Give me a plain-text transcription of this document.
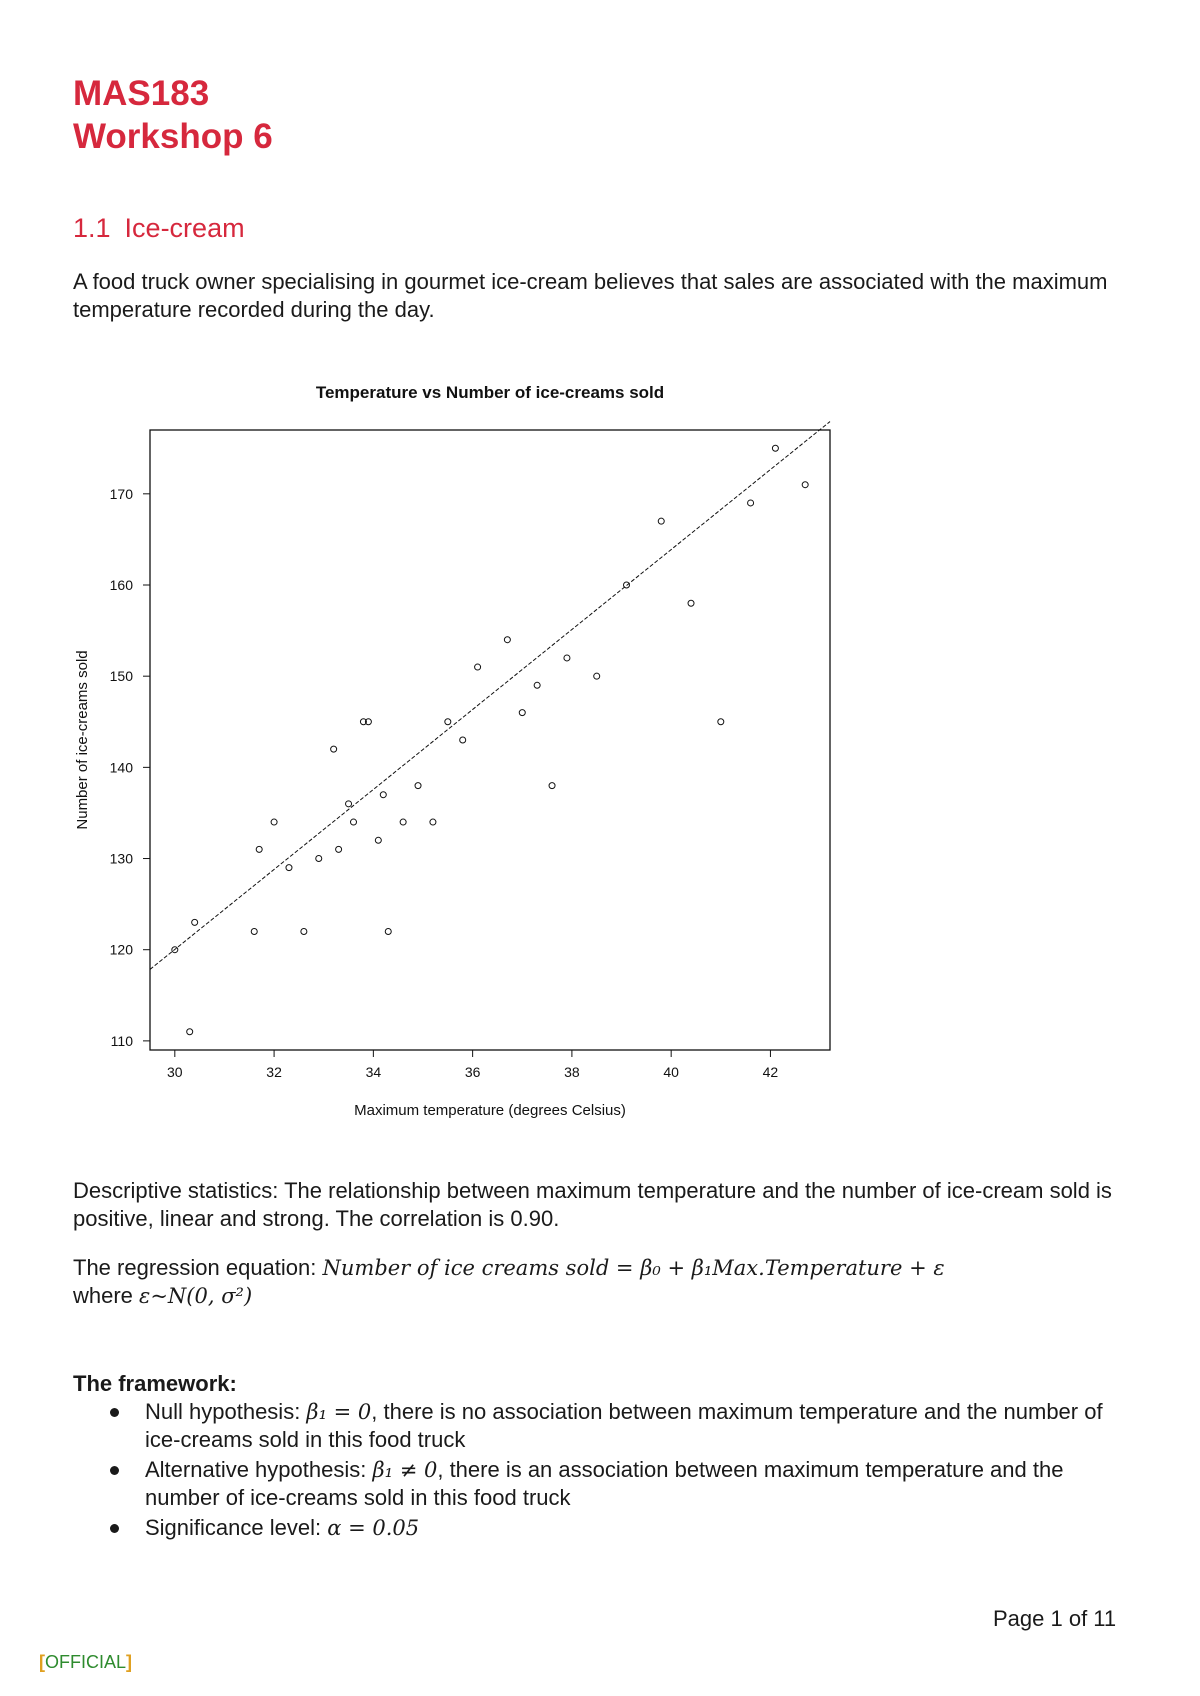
MAS183
Workshop 6
1.1 Ice-cream

A food truck owner specialising in gourmet ice-cream believes that sales are associated with the maximum temperature recorded during the day.

Temperature vs Number of ice-creams sold
30	32	34	36	38	40	42
110
120
130
140
150
160
170
Maximum temperature (degrees Celsius)
Number of ice-creams sold

Descriptive statistics: The relationship between maximum temperature and the number of ice-cream sold is positive, linear and strong. The correlation is 0.90.

The regression equation: Number of ice creams sold = β₀ + β₁Max.Temperature + ε
where ε~N(0, σ²)

The framework:

Null hypothesis: β₁ = 0, there is no association between maximum temperature and the number of ice-creams sold in this food truck
Alternative hypothesis: β₁ ≠ 0, there is an association between maximum temperature and the number of ice-creams sold in this food truck
Significance level: α = 0.05
Page 1 of 11
[OFFICIAL]
